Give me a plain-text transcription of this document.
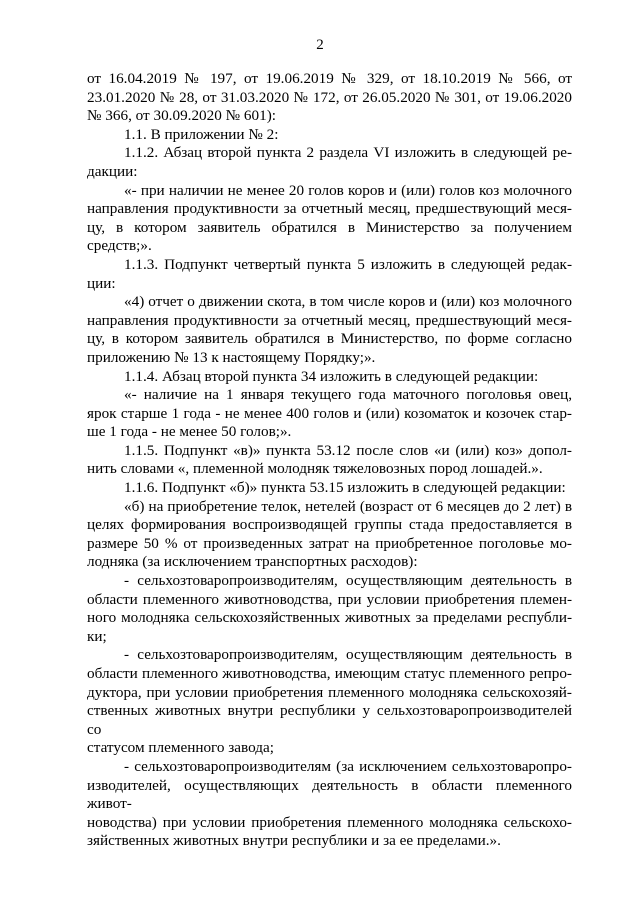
2
от 16.04.2019 № 197, от 19.06.2019 № 329, от 18.10.2019 № 566, от
23.01.2020 № 28, от 31.03.2020 № 172, от 26.05.2020 № 301, от 19.06.2020
№ 366, от 30.09.2020 № 601):
1.1. В приложении № 2:
1.1.2. Абзац второй пункта 2 раздела VI изложить в следующей ре-
дакции:
«- при наличии не менее 20 голов коров и (или) голов коз молочного
направления продуктивности за отчетный месяц, предшествующий меся-
цу, в котором заявитель обратился в Министерство за получением
средств;».
1.1.3. Подпункт четвертый пункта 5 изложить в следующей редак-
ции:
«4) отчет о движении скота, в том числе коров и (или) коз молочного
направления продуктивности за отчетный месяц, предшествующий меся-
цу, в котором заявитель обратился в Министерство, по форме согласно
приложению № 13 к настоящему Порядку;».
1.1.4. Абзац второй пункта 34 изложить в следующей редакции:
«- наличие на 1 января текущего года маточного поголовья овец,
ярок старше 1 года - не менее 400 голов и (или) козоматок и козочек стар-
ше 1 года - не менее 50 голов;».
1.1.5. Подпункт «в)» пункта 53.12 после слов «и (или) коз» допол-
нить словами «, племенной молодняк тяжеловозных пород лошадей.».
1.1.6. Подпункт «б)» пункта 53.15 изложить в следующей редакции:
«б) на приобретение телок, нетелей (возраст от 6 месяцев до 2 лет) в
целях формирования воспроизводящей группы стада предоставляется в
размере 50 % от произведенных затрат на приобретенное поголовье мо-
лодняка (за исключением транспортных расходов):
- сельхозтоваропроизводителям, осуществляющим деятельность в
области племенного животноводства, при условии приобретения племен-
ного молодняка сельскохозяйственных животных за пределами республи-
ки;
- сельхозтоваропроизводителям, осуществляющим деятельность в
области племенного животноводства, имеющим статус племенного репро-
дуктора, при условии приобретения племенного молодняка сельскохозяй-
ственных животных внутри республики у сельхозтоваропроизводителей со
статусом племенного завода;
- сельхозтоваропроизводителям (за исключением сельхозтоваропро-
изводителей, осуществляющих деятельность в области племенного живот-
новодства) при условии приобретения племенного молодняка сельскохо-
зяйственных животных внутри республики и за ее пределами.».
